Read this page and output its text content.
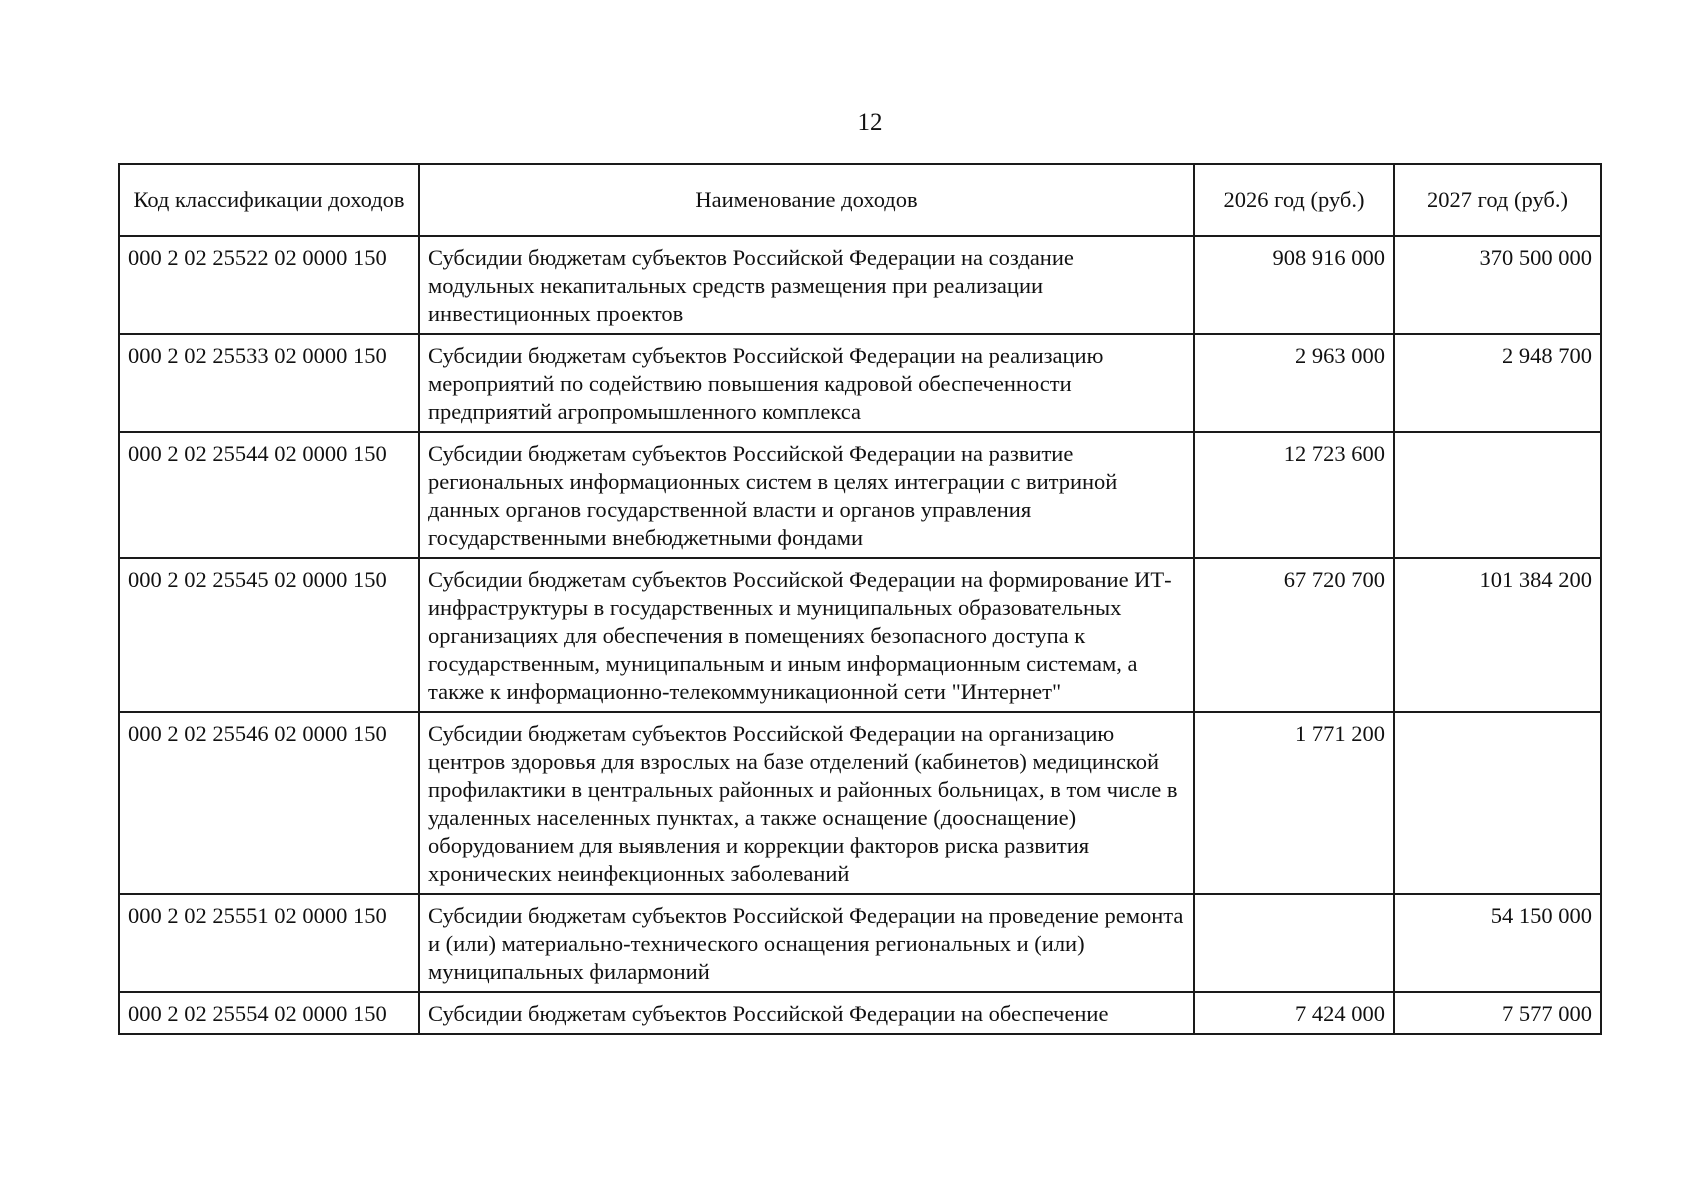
12
Код классификации доходов	Наименование доходов	2026 год (руб.)	2027 год (руб.)
000 2 02 25522 02 0000 150	Субсидии бюджетам субъектов Российской Федерации на создание модульных некапитальных средств размещения при реализации инвестиционных проектов	908 916 000	370 500 000
000 2 02 25533 02 0000 150	Субсидии бюджетам субъектов Российской Федерации на реализацию мероприятий по содействию повышения кадровой обеспеченности предприятий агропромышленного комплекса	2 963 000	2 948 700
000 2 02 25544 02 0000 150	Субсидии бюджетам субъектов Российской Федерации на развитие региональных информационных систем в целях интеграции с витриной данных органов государственной власти и органов управления государственными внебюджетными фондами	12 723 600	
000 2 02 25545 02 0000 150	Субсидии бюджетам субъектов Российской Федерации на формирование ИТ-инфраструктуры в государственных и муниципальных образовательных организациях для обеспечения в помещениях безопасного доступа к государственным, муниципальным и иным информационным системам, а также к информационно-телекоммуникационной сети "Интернет"	67 720 700	101 384 200
000 2 02 25546 02 0000 150	Субсидии бюджетам субъектов Российской Федерации на организацию центров здоровья для взрослых на базе отделений (кабинетов) медицинской профилактики в центральных районных и районных больницах, в том числе в удаленных населенных пунктах, а также оснащение (дооснащение) оборудованием для выявления и коррекции факторов риска развития хронических неинфекционных заболеваний	1 771 200	
000 2 02 25551 02 0000 150	Субсидии бюджетам субъектов Российской Федерации на проведение ремонта и (или) материально-технического оснащения региональных и (или) муниципальных филармоний		54 150 000
000 2 02 25554 02 0000 150	Субсидии бюджетам субъектов Российской Федерации на обеспечение	7 424 000	7 577 000
